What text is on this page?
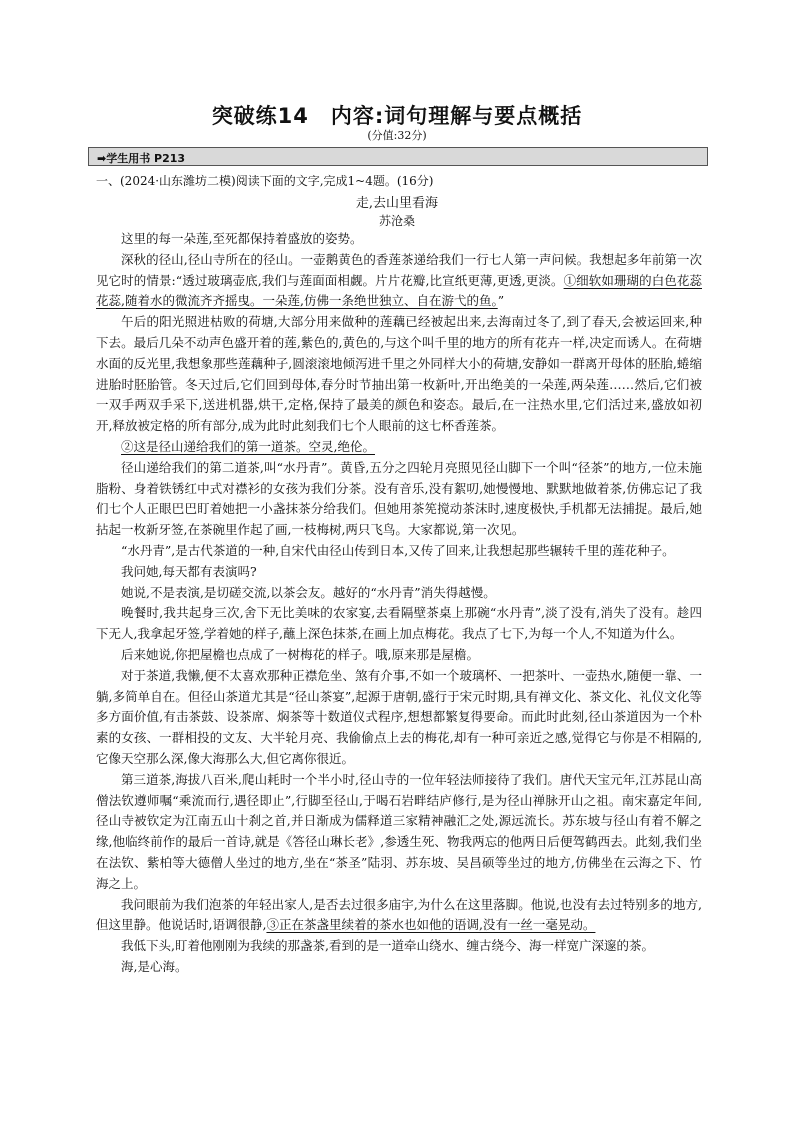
突破练14　内容:词句理解与要点概括
(分值:32分)
➡学生用书 P213
一、(2024·山东潍坊二模)阅读下面的文字,完成1~4题。(16分)
走,去山里看海
苏沧桑

这里的每一朵莲,至死都保持着盛放的姿势。

深秋的径山,径山寺所在的径山。一壶鹅黄色的香莲茶递给我们一行七人第一声问候。我想起多年前第一次见它时的情景:“透过玻璃壶底,我们与莲面面相觑。片片花瓣,比宣纸更薄,更透,更淡。①细软如珊瑚的白色花蕊花蕊,随着水的微流齐齐摇曳。一朵莲,仿佛一条绝世独立、自在游弋的鱼。”

午后的阳光照进枯败的荷塘,大部分用来做种的莲藕已经被起出来,去海南过冬了,到了春天,会被运回来,种下去。最后几朵不动声色盛开着的莲,紫色的,黄色的,与这个叫千里的地方的所有花卉一样,决定而诱人。在荷塘水面的反光里,我想象那些莲藕种子,圆滚滚地倾泻进千里之外同样大小的荷塘,安静如一群离开母体的胚胎,蜷缩进胎时胚胎管。冬天过后,它们回到母体,春分时节抽出第一枚新叶,开出绝美的一朵莲,两朵莲……然后,它们被一双手两双手采下,送进机器,烘干,定格,保持了最美的颜色和姿态。最后,在一注热水里,它们活过来,盛放如初开,释放被定格的所有部分,成为此时此刻我们七个人眼前的这七杯香莲茶。

②这是径山递给我们的第一道茶。空灵,绝伦。

径山递给我们的第二道茶,叫“水丹青”。黄昏,五分之四轮月亮照见径山脚下一个叫“径茶”的地方,一位未施脂粉、身着铁锈红中式对襟衫的女孩为我们分茶。没有音乐,没有絮叨,她慢慢地、默默地做着茶,仿佛忘记了我们七个人正眼巴巴盯着她把一小盏抹茶分给我们。但她用茶筅搅动茶沫时,速度极快,手机都无法捕捉。最后,她拈起一枚新牙签,在茶碗里作起了画,一枝梅树,两只飞鸟。大家都说,第一次见。

“水丹青”,是古代茶道的一种,自宋代由径山传到日本,又传了回来,让我想起那些辗转千里的莲花种子。

我问她,每天都有表演吗?

她说,不是表演,是切磋交流,以茶会友。越好的“水丹青”消失得越慢。

晚餐时,我共起身三次,舍下无比美味的农家宴,去看隔壁茶桌上那碗“水丹青”,淡了没有,消失了没有。趁四下无人,我拿起牙签,学着她的样子,蘸上深色抹茶,在画上加点梅花。我点了七下,为每一个人,不知道为什么。

后来她说,你把屋檐也点成了一树梅花的样子。哦,原来那是屋檐。

对于茶道,我懒,便不太喜欢那种正襟危坐、煞有介事,不如一个玻璃杯、一把茶叶、一壶热水,随便一靠、一躺,多简单自在。但径山茶道尤其是“径山茶宴”,起源于唐朝,盛行于宋元时期,具有禅文化、茶文化、礼仪文化等多方面价值,有击茶鼓、设茶席、焖茶等十数道仪式程序,想想都繁复得要命。而此时此刻,径山茶道因为一个朴素的女孩、一群相投的文友、大半轮月亮、我偷偷点上去的梅花,却有一种可亲近之感,觉得它与你是不相隔的,它像天空那么深,像大海那么大,但它离你很近。

第三道茶,海拔八百米,爬山耗时一个半小时,径山寺的一位年轻法师接待了我们。唐代天宝元年,江苏昆山高僧法钦遵师嘱“乘流而行,遇径即止”,行脚至径山,于喝石岩畔结庐修行,是为径山禅脉开山之祖。南宋嘉定年间,径山寺被钦定为江南五山十刹之首,并日渐成为儒释道三家精神融汇之处,源远流长。苏东坡与径山有着不解之缘,他临终前作的最后一首诗,就是《答径山琳长老》,参透生死、物我两忘的他两日后便驾鹤西去。此刻,我们坐在法钦、紫柏等大德僧人坐过的地方,坐在“茶圣”陆羽、苏东坡、吴昌硕等坐过的地方,仿佛坐在云海之下、竹海之上。

我问眼前为我们泡茶的年轻出家人,是否去过很多庙宇,为什么在这里落脚。他说,也没有去过特别多的地方,但这里静。他说话时,语调很静,③正在茶盏里续着的茶水也如他的语调,没有一丝一毫晃动。

我低下头,盯着他刚刚为我续的那盏茶,看到的是一道牵山绕水、缠古绕今、海一样宽广深邃的茶。

海,是心海。
